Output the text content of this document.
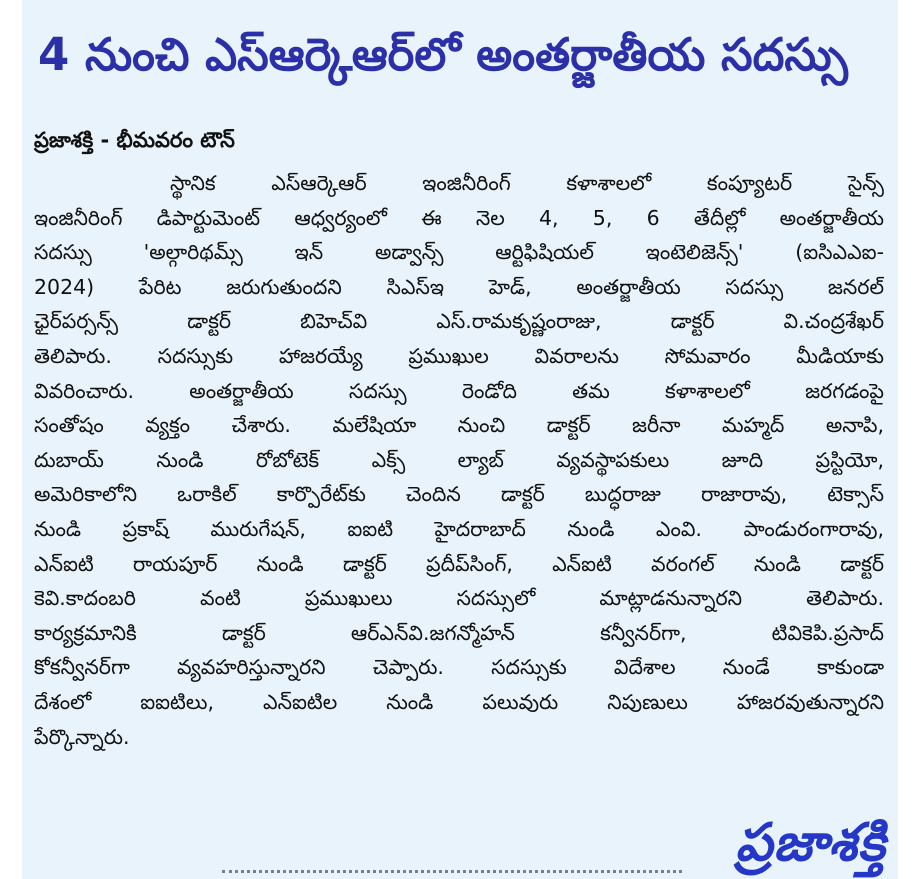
4 నుంచి ఎస్ఆర్కెఆర్‌లో అంతర్జాతీయ సదస్సు
ప్రజాశక్తి - భీమవరం టౌన్
స్థానిక ఎస్ఆర్కెఆర్ ఇంజినీరింగ్ కళాశాలలో కంప్యూటర్ సైన్స్
ఇంజినీరింగ్ డిపార్టుమెంట్ ఆధ్వర్యంలో ఈ నెల 4, 5, 6 తేదీల్లో అంతర్జాతీయ
సదస్సు 'అల్గారిథమ్స్ ఇన్ అడ్వాన్స్ ఆర్టిఫిషియల్ ఇంటెలిజెన్స్' (ఐసిఎఎఐ-
2024) పేరిట జరుగుతుందని సిఎస్ఇ హెడ్, అంతర్జాతీయ సదస్సు జనరల్
ఛైర్‌పర్సన్స్ డాక్టర్ బిహెచ్‌వి ఎస్.రామకృష్ణంరాజు, డాక్టర్ వి.చంద్రశేఖర్
తెలిపారు. సదస్సుకు హాజరయ్యే ప్రముఖుల వివరాలను సోమవారం మీడియాకు
వివరించారు. అంతర్జాతీయ సదస్సు రెండోది తమ కళాశాలలో జరగడంపై
సంతోషం వ్యక్తం చేశారు. మలేషియా నుంచి డాక్టర్ జరీనా మహ్మద్ అనాపి,
దుబాయ్ నుండి రోబోటెక్ ఎక్స్ ల్యాబ్ వ్యవస్థాపకులు జూది ప్రస్టియో,
అమెరికాలోని ఒరాకిల్ కార్పొరేట్‌కు చెందిన డాక్టర్ బుద్ధరాజు రాజారావు, టెక్సాస్
నుండి ప్రకాష్ మురుగేషన్, ఐఐటి హైదరాబాద్ నుండి ఎంవి. పాండురంగారావు,
ఎన్ఐటి రాయపూర్ నుండి డాక్టర్ ప్రదీప్‌సింగ్, ఎన్ఐటి వరంగల్ నుండి డాక్టర్
కెవి.కాదంబరి వంటి ప్రముఖులు సదస్సులో మాట్లాడనున్నారని తెలిపారు.
కార్యక్రమానికి డాక్టర్ ఆర్ఎన్‌వి.జగన్మోహన్ కన్వీనర్‌గా, టివికెపి.ప్రసాద్
కోకన్వీనర్‌గా వ్యవహరిస్తున్నారని చెప్పారు. సదస్సుకు విదేశాల నుండే కాకుండా
దేశంలో ఐఐటిలు, ఎన్ఐటిల నుండి పలువురు నిపుణులు హాజరవుతున్నారని
పేర్కొన్నారు.
ప్రజాశక్తి
